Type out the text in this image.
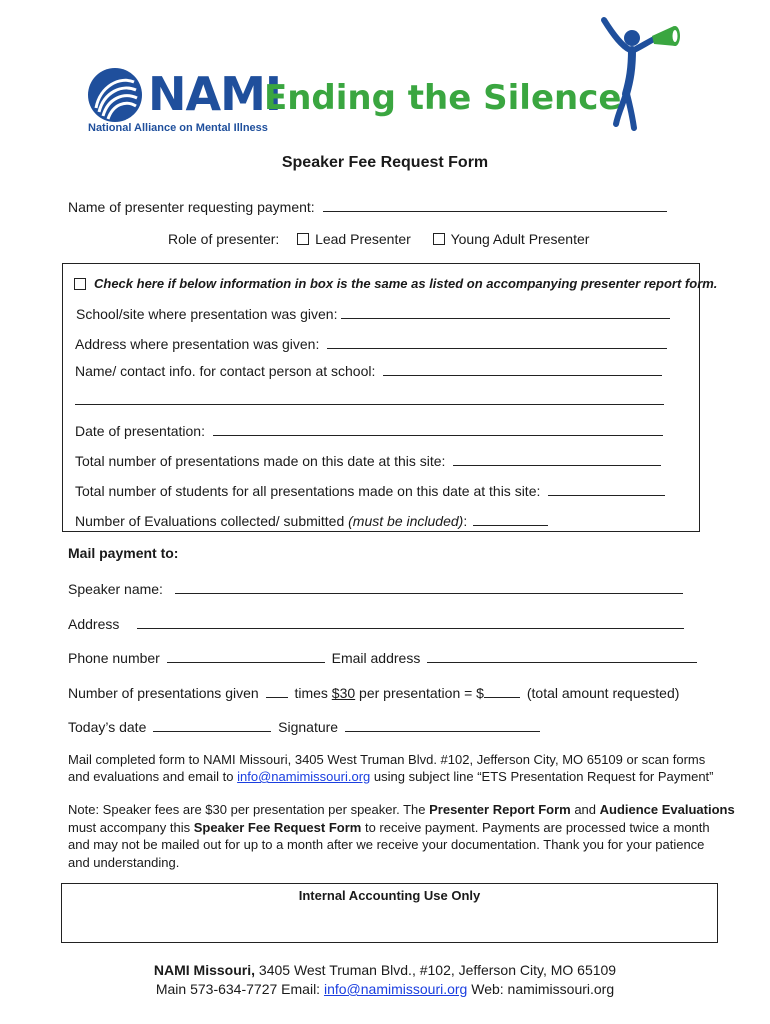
NAMI
Ending the Silence
National Alliance on Mental Illness
Speaker Fee Request Form
Name of presenter requesting payment:
Role of presenter:	Lead Presenter	Young Adult Presenter
Check here if below information in box is the same as listed on accompanying presenter report form.
School/site where presentation was given:
Address where presentation was given:
Name/ contact info. for contact person at school:
Date of presentation:
Total number of presentations made on this date at this site:
Total number of students for all presentations made on this date at this site:
Number of Evaluations collected/ submitted (must be included):
Mail payment to:
Speaker name:
Address
Phone number	Email address
Number of presentations given	times $30 per presentation = $	(total amount requested)
Today’s date	Signature
Mail completed form to NAMI Missouri, 3405 West Truman Blvd. #102, Jefferson City, MO 65109 or scan forms
and evaluations and email to info@namimissouri.org using subject line “ETS Presentation Request for Payment”
Note: Speaker fees are $30 per presentation per speaker. The Presenter Report Form and Audience Evaluations
must accompany this Speaker Fee Request Form to receive payment. Payments are processed twice a month
and may not be mailed out for up to a month after we receive your documentation. Thank you for your patience
and understanding.
Internal Accounting Use Only
NAMI Missouri, 3405 West Truman Blvd., #102, Jefferson City, MO 65109
Main 573-634-7727 Email: info@namimissouri.org Web: namimissouri.org
